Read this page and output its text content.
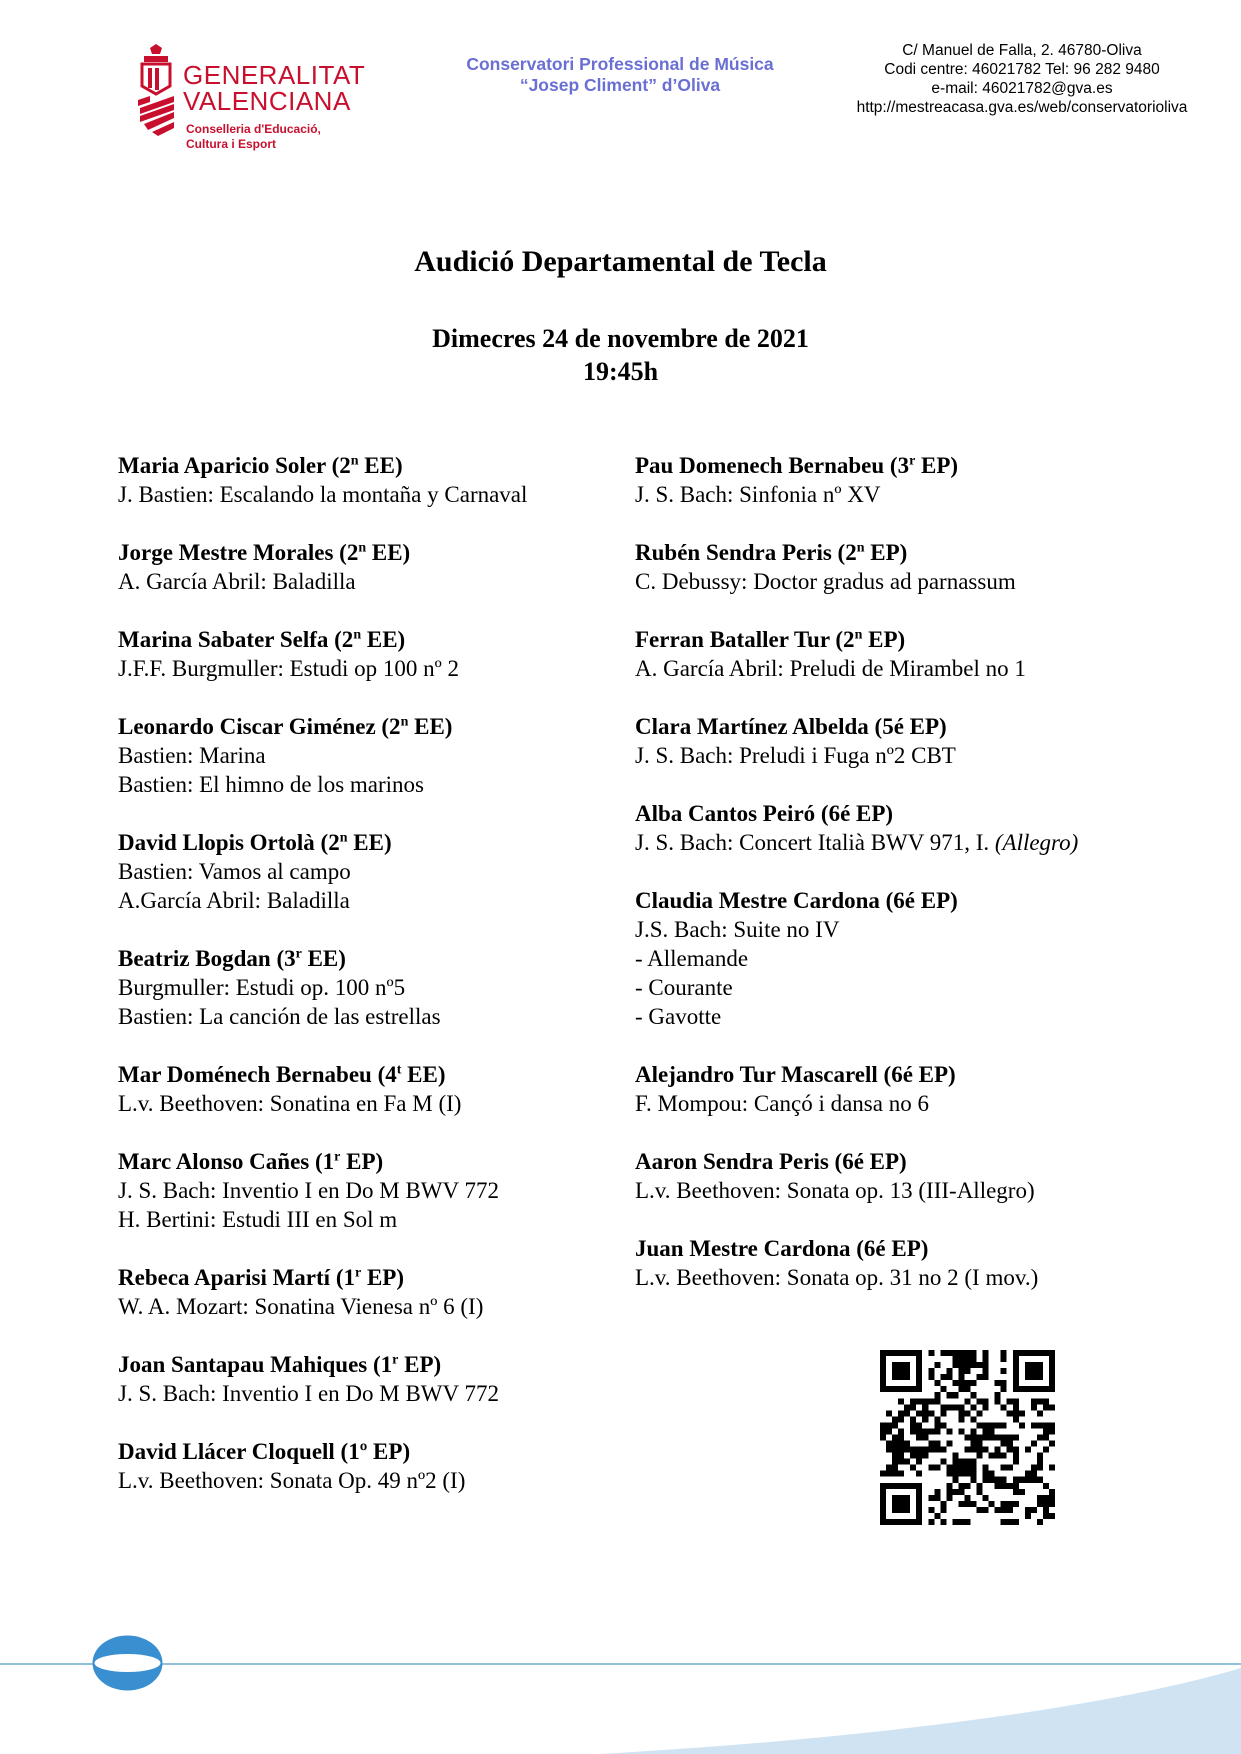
GENERALITAT
VALENCIANA
Conselleria d'Educació,
Cultura i Esport
Conservatori Professional de Música
“Josep Climent” d’Oliva
C/ Manuel de Falla, 2. 46780-Oliva
Codi centre: 46021782 Tel: 96 282 9480
e-mail: 46021782@gva.es
http://mestreacasa.gva.es/web/conservatorioliva
Audició Departamental de Tecla
Dimecres 24 de novembre de 2021
19:45h
Maria Aparicio Soler (2$^n$ EE)
J. Bastien: Escalando la montaña y Carnaval
Jorge Mestre Morales (2$^n$ EE)
A. García Abril: Baladilla
Marina Sabater Selfa (2$^n$ EE)
J.F.F. Burgmuller: Estudi op 100 nº 2
Leonardo Ciscar Giménez (2$^n$ EE)
Bastien: Marina
Bastien: El himno de los marinos
David Llopis Ortolà (2$^n$ EE)
Bastien: Vamos al campo
A.García Abril: Baladilla
Beatriz Bogdan (3$^r$ EE)
Burgmuller: Estudi op. 100 nº5
Bastien: La canción de las estrellas
Mar Doménech Bernabeu (4$^t$ EE)
L.v. Beethoven: Sonatina en Fa M (I)
Marc Alonso Cañes (1$^r$ EP)
J. S. Bach: Inventio I en Do M BWV 772
H. Bertini: Estudi III en Sol m
Rebeca Aparisi Martí (1$^r$ EP)
W. A. Mozart: Sonatina Vienesa nº 6 (I)
Joan Santapau Mahiques (1$^r$ EP)
J. S. Bach: Inventio I en Do M BWV 772
David Llácer Cloquell (1º EP)
L.v. Beethoven: Sonata Op. 49 nº2 (I)
Pau Domenech Bernabeu (3$^r$ EP)
J. S. Bach: Sinfonia nº XV
Rubén Sendra Peris (2$^n$ EP)
C. Debussy: Doctor gradus ad parnassum
Ferran Bataller Tur (2$^n$ EP)
A. García Abril: Preludi de Mirambel no 1
Clara Martínez Albelda (5é EP)
J. S. Bach: Preludi i Fuga nº2 CBT
Alba Cantos Peiró (6é EP)
J. S. Bach: Concert Italià BWV 971, I. (Allegro)
Claudia Mestre Cardona (6é EP)
J.S. Bach: Suite no IV
- Allemande
- Courante
- Gavotte
Alejandro Tur Mascarell (6é EP)
F. Mompou: Cançó i dansa no 6
Aaron Sendra Peris (6é EP)
L.v. Beethoven: Sonata op. 13 (III-Allegro)
Juan Mestre Cardona (6é EP)
L.v. Beethoven: Sonata op. 31 no 2 (I mov.)
